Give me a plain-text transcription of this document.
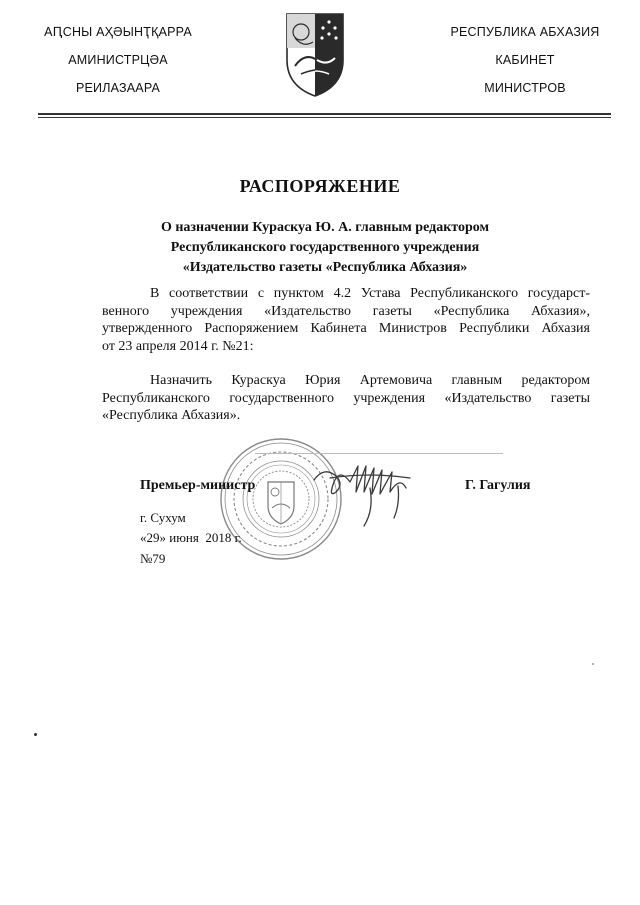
АԤСНЫ АҲӘЫНҬҚАРРА
АМИНИСТРЦӘА
РЕИЛАЗААРА
РЕСПУБЛИКА АБХАЗИЯ
КАБИНЕТ
МИНИСТРОВ
РАСПОРЯЖЕНИЕ
О назначении Кураскуа Ю. А. главным редактором
Республиканского государственного учреждения
«Издательство газеты «Республика Абхазия»
В соответствии с пунктом 4.2 Устава Республиканского государст-
венного учреждения «Издательство газеты «Республика Абхазия»,
утвержденного Распоряжением Кабинета Министров Республики Абхазия
от 23 апреля 2014 г. №21:
Назначить Кураскуа Юрия Артемовича главным редактором
Республиканского государственного учреждения «Издательство газеты
«Республика Абхазия».
Премьер-министр	Г. Гагулия
г. Сухум
«29» июня  2018 г.
№79
